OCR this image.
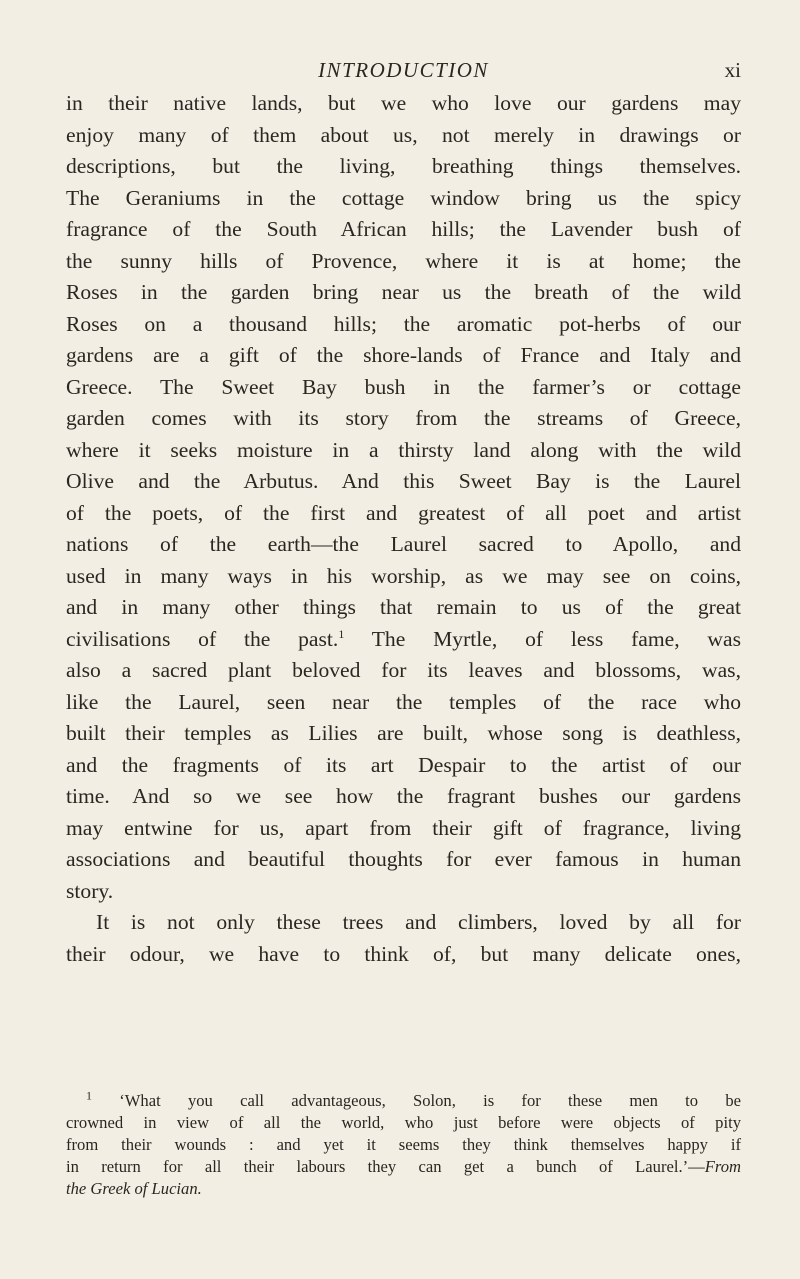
INTRODUCTION	xi
in their native lands, but we who love our gardens may
enjoy many of them about us, not merely in drawings or
descriptions, but the living, breathing things themselves.
The Geraniums in the cottage window bring us the spicy
fragrance of the South African hills; the Lavender bush of
the sunny hills of Provence, where it is at home; the
Roses in the garden bring near us the breath of the wild
Roses on a thousand hills; the aromatic pot-herbs of our
gardens are a gift of the shore-lands of France and Italy and
Greece. The Sweet Bay bush in the farmer’s or cottage
garden comes with its story from the streams of Greece,
where it seeks moisture in a thirsty land along with the wild
Olive and the Arbutus. And this Sweet Bay is the Laurel
of the poets, of the first and greatest of all poet and artist
nations of the earth—the Laurel sacred to Apollo, and
used in many ways in his worship, as we may see on coins,
and in many other things that remain to us of the great
civilisations of the past.$^1$ The Myrtle, of less fame, was
also a sacred plant beloved for its leaves and blossoms, was,
like the Laurel, seen near the temples of the race who
built their temples as Lilies are built, whose song is deathless,
and the fragments of its art Despair to the artist of our
time. And so we see how the fragrant bushes our gardens
may entwine for us, apart from their gift of fragrance, living
associations and beautiful thoughts for ever famous in human
story.
It is not only these trees and climbers, loved by all for
their odour, we have to think of, but many delicate ones,
$^1$ ‘What you call advantageous, Solon, is for these men to be
crowned in view of all the world, who just before were objects of pity
from their wounds : and yet it seems they think themselves happy if
in return for all their labours they can get a bunch of Laurel.’—From
the Greek of Lucian.
